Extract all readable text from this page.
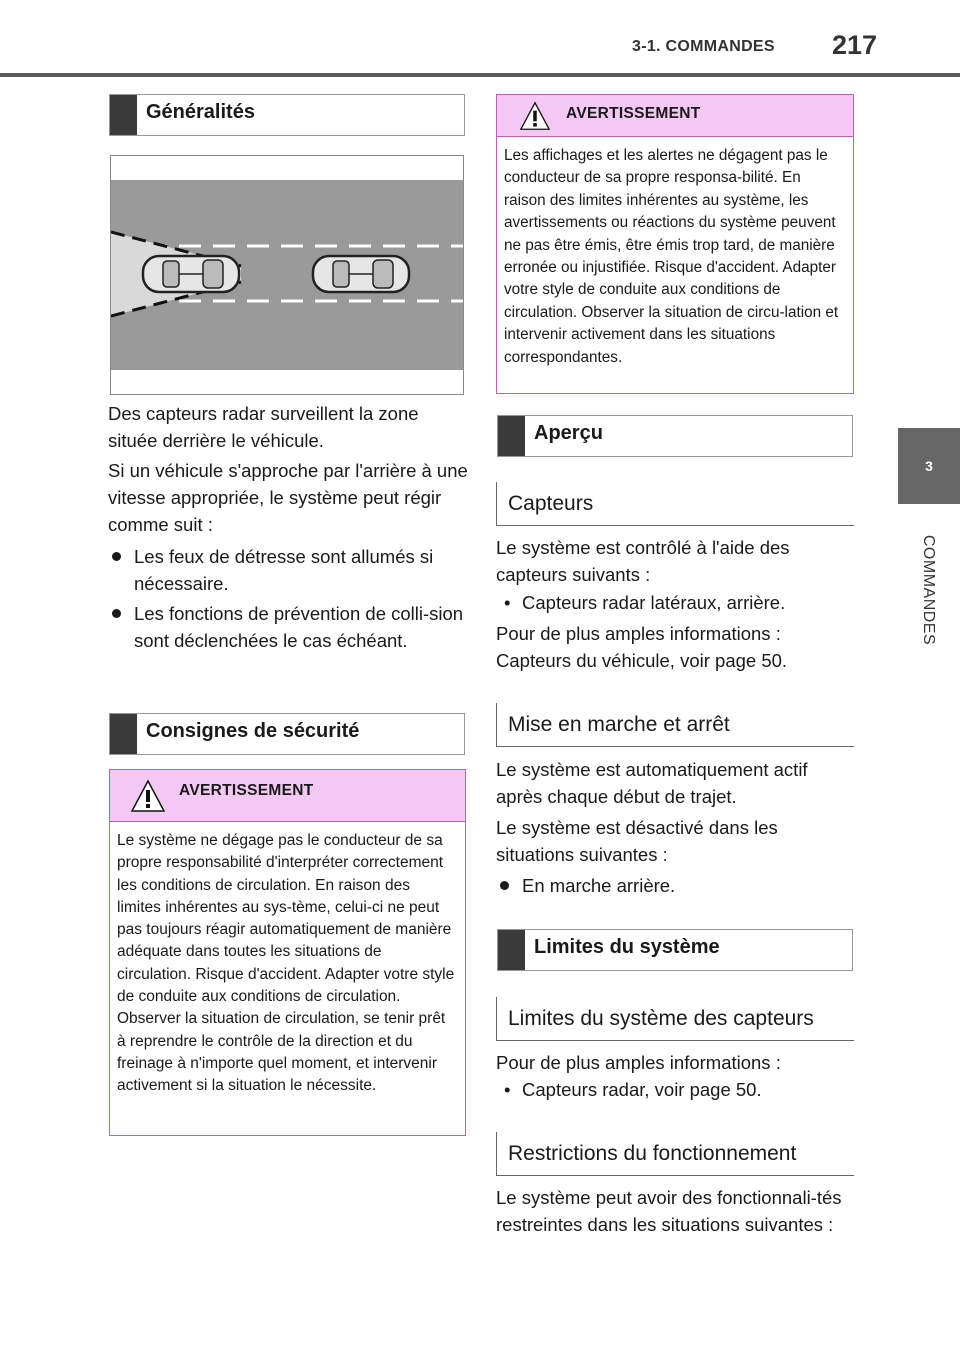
3-1. COMMANDES 217
3
COMMANDES
Généralités
Des capteurs radar surveillent la zone située derrière le véhicule.
Si un véhicule s'approche par l'arrière à une vitesse appropriée, le système peut régir comme suit :
Les feux de détresse sont allumés si nécessaire.
Les fonctions de prévention de colli-sion sont déclenchées le cas échéant.
Consignes de sécurité
AVERTISSEMENT
Le système ne dégage pas le conducteur de sa propre responsabilité d'interpréter correctement les conditions de circulation. En raison des limites inhérentes au sys-tème, celui-ci ne peut pas toujours réagir automatiquement de manière adéquate dans toutes les situations de circulation. Risque d'accident. Adapter votre style de conduite aux conditions de circulation. Observer la situation de circulation, se tenir prêt à reprendre le contrôle de la direction et du freinage à n'importe quel moment, et intervenir activement si la situation le nécessite.
AVERTISSEMENT
Les affichages et les alertes ne dégagent pas le conducteur de sa propre responsa-bilité. En raison des limites inhérentes au système, les avertissements ou réactions du système peuvent ne pas être émis, être émis trop tard, de manière erronée ou injustifiée. Risque d'accident. Adapter votre style de conduite aux conditions de circulation. Observer la situation de circu-lation et intervenir activement dans les situations correspondantes.
Aperçu
Capteurs
Le système est contrôlé à l'aide des capteurs suivants :
• Capteurs radar latéraux, arrière.
Pour de plus amples informations : Capteurs du véhicule, voir page 50.
Mise en marche et arrêt
Le système est automatiquement actif après chaque début de trajet.
Le système est désactivé dans les situations suivantes :
En marche arrière.
Limites du système
Limites du système des capteurs
Pour de plus amples informations :
• Capteurs radar, voir page 50.
Restrictions du fonctionnement
Le système peut avoir des fonctionnali-tés restreintes dans les situations suivantes :
